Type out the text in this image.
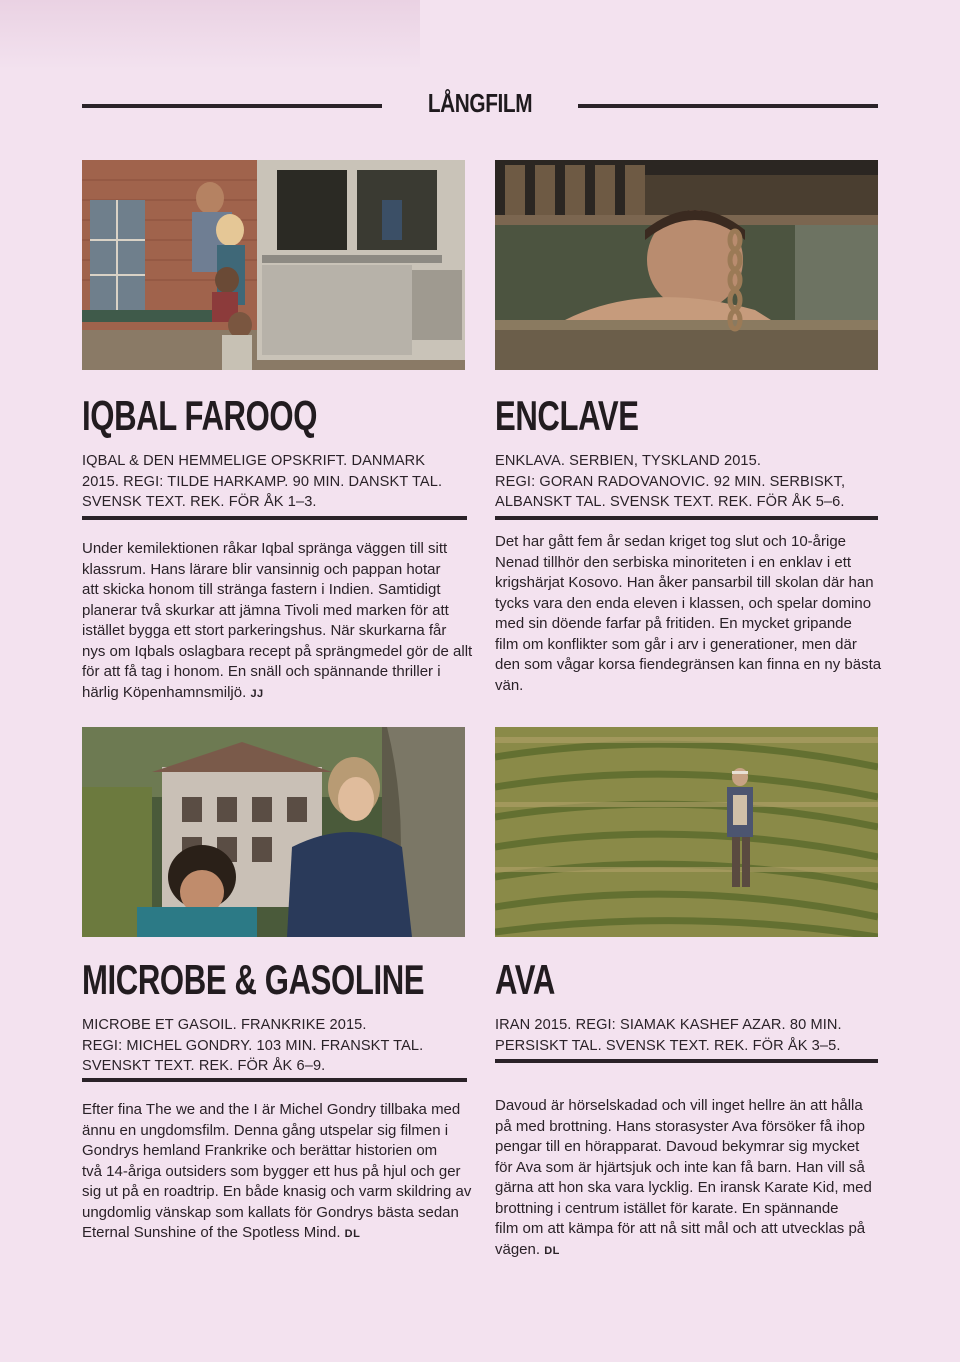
LÅNGFILM
IQBAL FAROOQ
IQBAL & DEN HEMMELIGE OPSKRIFT. DANMARK
2015. REGI: TILDE HARKAMP. 90 MIN. DANSKT TAL.
SVENSK TEXT. REK. FÖR ÅK 1–3.
Under kemilektionen råkar Iqbal spränga väggen till sitt
klassrum. Hans lärare blir vansinnig och pappan hotar
att skicka honom till stränga fastern i Indien. Samtidigt
planerar två skurkar att jämna Tivoli med marken för att
istället bygga ett stort parkeringshus. När skurkarna får
nys om Iqbals oslagbara recept på sprängmedel gör de allt
för att få tag i honom. En snäll och spännande thriller i
härlig Köpenhamnsmiljö. JJ
ENCLAVE
ENKLAVA. SERBIEN, TYSKLAND 2015.
REGI: GORAN RADOVANOVIC. 92 MIN. SERBISKT,
ALBANSKT TAL. SVENSK TEXT. REK. FÖR ÅK 5–6.
Det har gått fem år sedan kriget tog slut och 10-årige
Nenad tillhör den serbiska minoriteten i en enklav i ett
krigshärjat Kosovo. Han åker pansarbil till skolan där han
tycks vara den enda eleven i klassen, och spelar domino
med sin döende farfar på fritiden. En mycket gripande
film om konflikter som går i arv i generationer, men där
den som vågar korsa fiendegränsen kan finna en ny bästa
vän.
MICROBE & GASOLINE
MICROBE ET GASOIL. FRANKRIKE 2015.
REGI: MICHEL GONDRY. 103 MIN. FRANSKT TAL.
SVENSKT TEXT. REK. FÖR ÅK 6–9.
Efter fina The we and the I är Michel Gondry tillbaka med
ännu en ungdomsfilm. Denna gång utspelar sig filmen i
Gondrys hemland Frankrike och berättar historien om
två 14-åriga outsiders som bygger ett hus på hjul och ger
sig ut på en roadtrip. En både knasig och varm skildring av
ungdomlig vänskap som kallats för Gondrys bästa sedan
Eternal Sunshine of the Spotless Mind. DL
AVA
IRAN 2015. REGI: SIAMAK KASHEF AZAR. 80 MIN.
PERSISKT TAL. SVENSK TEXT. REK. FÖR ÅK 3–5.
Davoud är hörselskadad och vill inget hellre än att hålla
på med brottning. Hans storasyster Ava försöker få ihop
pengar till en hörapparat. Davoud bekymrar sig mycket
för Ava som är hjärtsjuk och inte kan få barn. Han vill så
gärna att hon ska vara lycklig. En iransk Karate Kid, med
brottning i centrum istället för karate. En spännande
film om att kämpa för att nå sitt mål och att utvecklas på
vägen. DL
